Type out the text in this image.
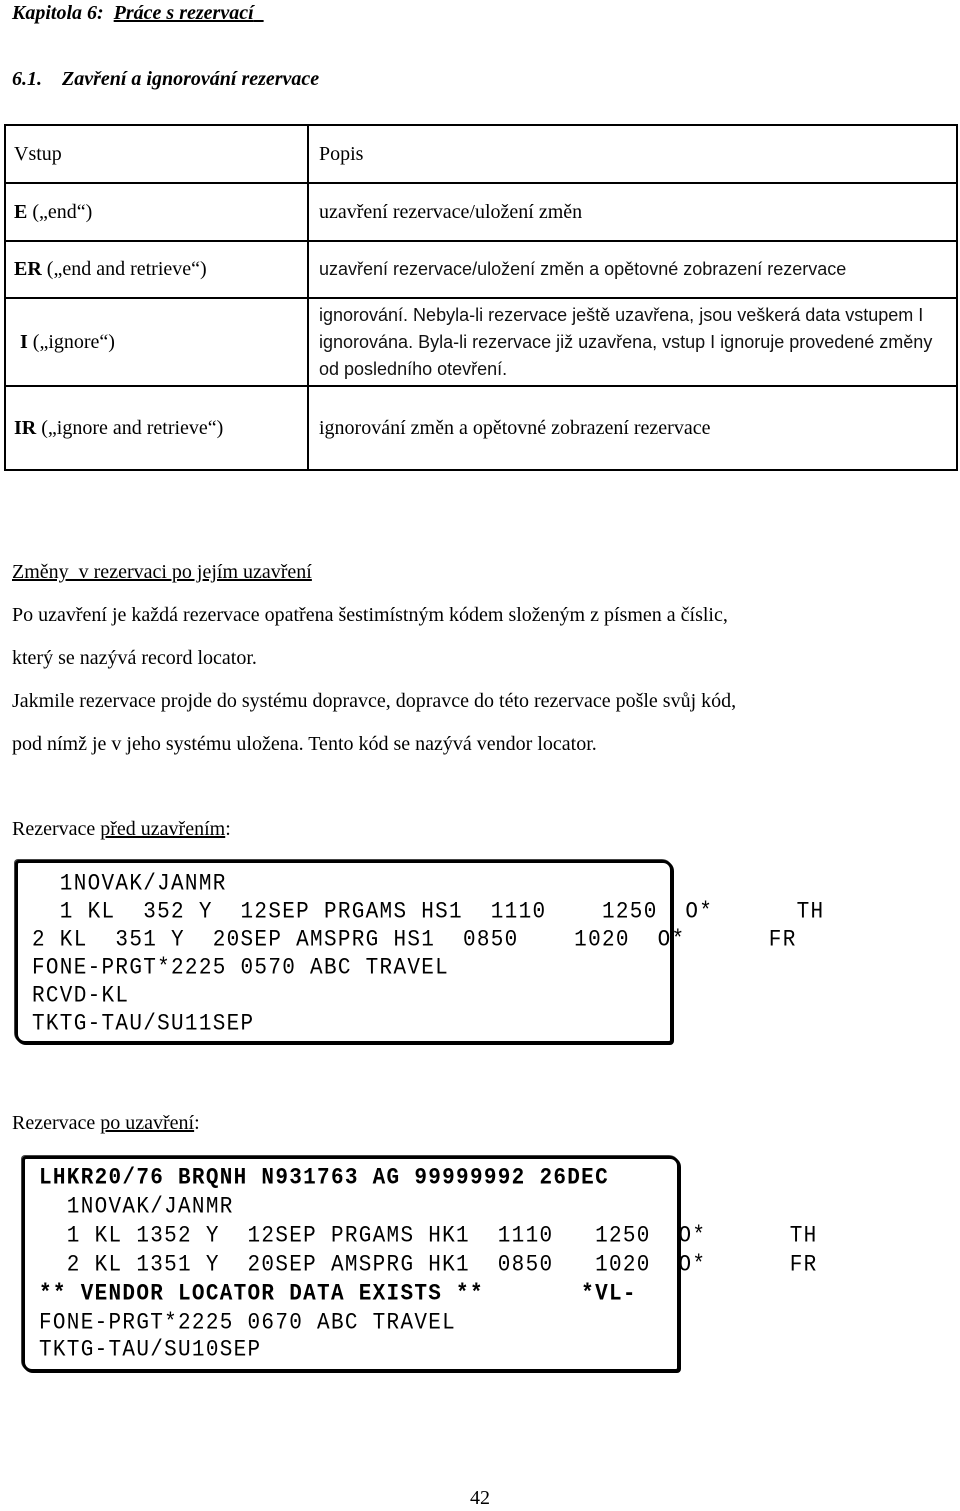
Kapitola 6: Práce s rezervací
6.1. Zavření a ignorování rezervace
Vstup	Popis
E („end“)	uzavření rezervace/uložení změn
ER („end and retrieve“)	uzavření rezervace/uložení změn a opětovné zobrazení rezervace
I („ignore“)	ignorování. Nebyla-li rezervace ještě uzavřena, jsou veškerá data vstupem I ignorována. Byla-li rezervace již uzavřena, vstup I ignoruje provedené změny od posledního otevření.
IR („ignore and retrieve“)	ignorování změn a opětovné zobrazení rezervace
Změny  v rezervaci po jejím uzavření
Po uzavření je každá rezervace opatřena šestimístným kódem složeným z písmen a číslic,
který se nazývá record locator.
Jakmile rezervace projde do systému dopravce, dopravce do této rezervace pošle svůj kód,
pod nímž je v jeho systému uložena. Tento kód se nazývá vendor locator.
Rezervace před uzavřením:
1NOVAK/JANMR
1 KL  352 Y  12SEP PRGAMS HS1  1110    1250  O*      TH
2 KL  351 Y  20SEP AMSPRG HS1  0850    1020  O*      FR
FONE-PRGT*2225 0570 ABC TRAVEL
RCVD-KL
TKTG-TAU/SU11SEP
Rezervace po uzavření:
LHKR20/76 BRQNH N931763 AG 99999992 26DEC
1NOVAK/JANMR
1 KL 1352 Y  12SEP PRGAMS HK1  1110   1250  O*      TH
2 KL 1351 Y  20SEP AMSPRG HK1  0850   1020  O*      FR
** VENDOR LOCATOR DATA EXISTS **       *VL-
FONE-PRGT*2225 0670 ABC TRAVEL
TKTG-TAU/SU10SEP
42
